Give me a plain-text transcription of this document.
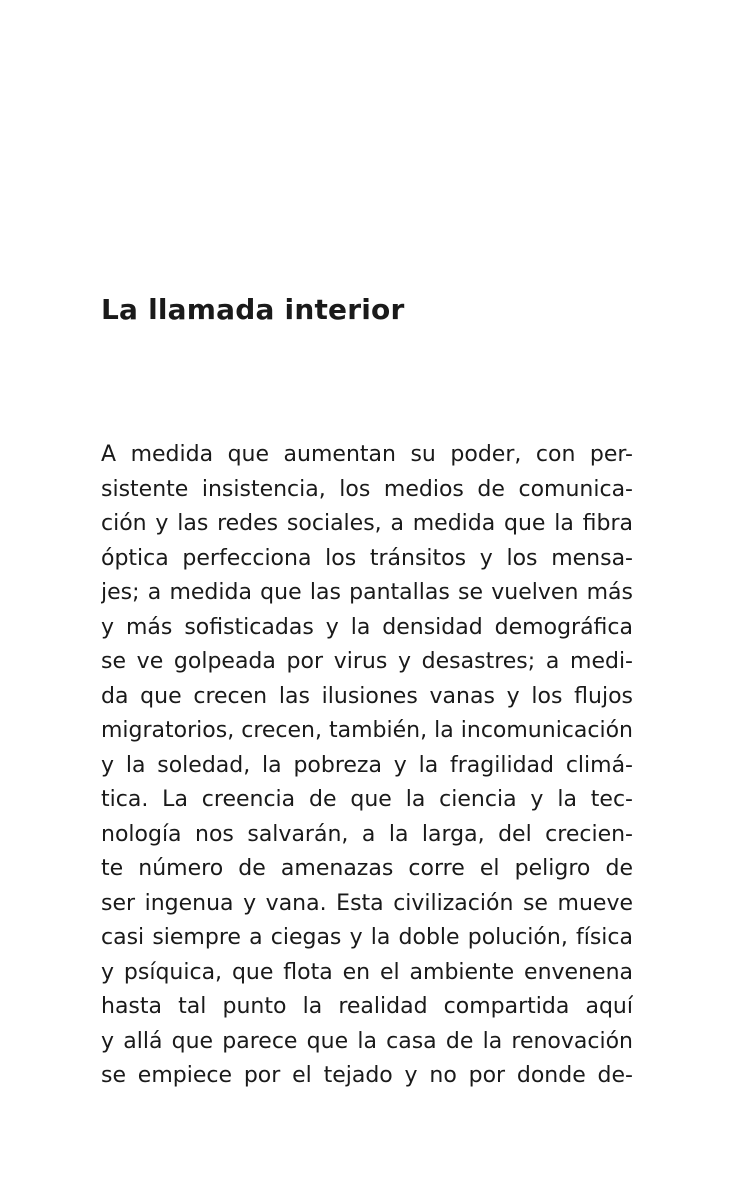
La llamada interior
A medida que aumentan su poder, con per-
sistente insistencia, los medios de comunica-
ción y las redes sociales, a medida que la fibra
óptica perfecciona los tránsitos y los mensa-
jes; a medida que las pantallas se vuelven más
y más sofisticadas y la densidad demográfica
se ve golpeada por virus y desastres; a medi-
da que crecen las ilusiones vanas y los flujos
migratorios, crecen, también, la incomunicación
y la soledad, la pobreza y la fragilidad climá-
tica. La creencia de que la ciencia y la tec-
nología nos salvarán, a la larga, del crecien-
te número de amenazas corre el peligro de
ser ingenua y vana. Esta civilización se mueve
casi siempre a ciegas y la doble polución, física
y psíquica, que flota en el ambiente envenena
hasta tal punto la realidad compartida aquí
y allá que parece que la casa de la renovación
se empiece por el tejado y no por donde de-
